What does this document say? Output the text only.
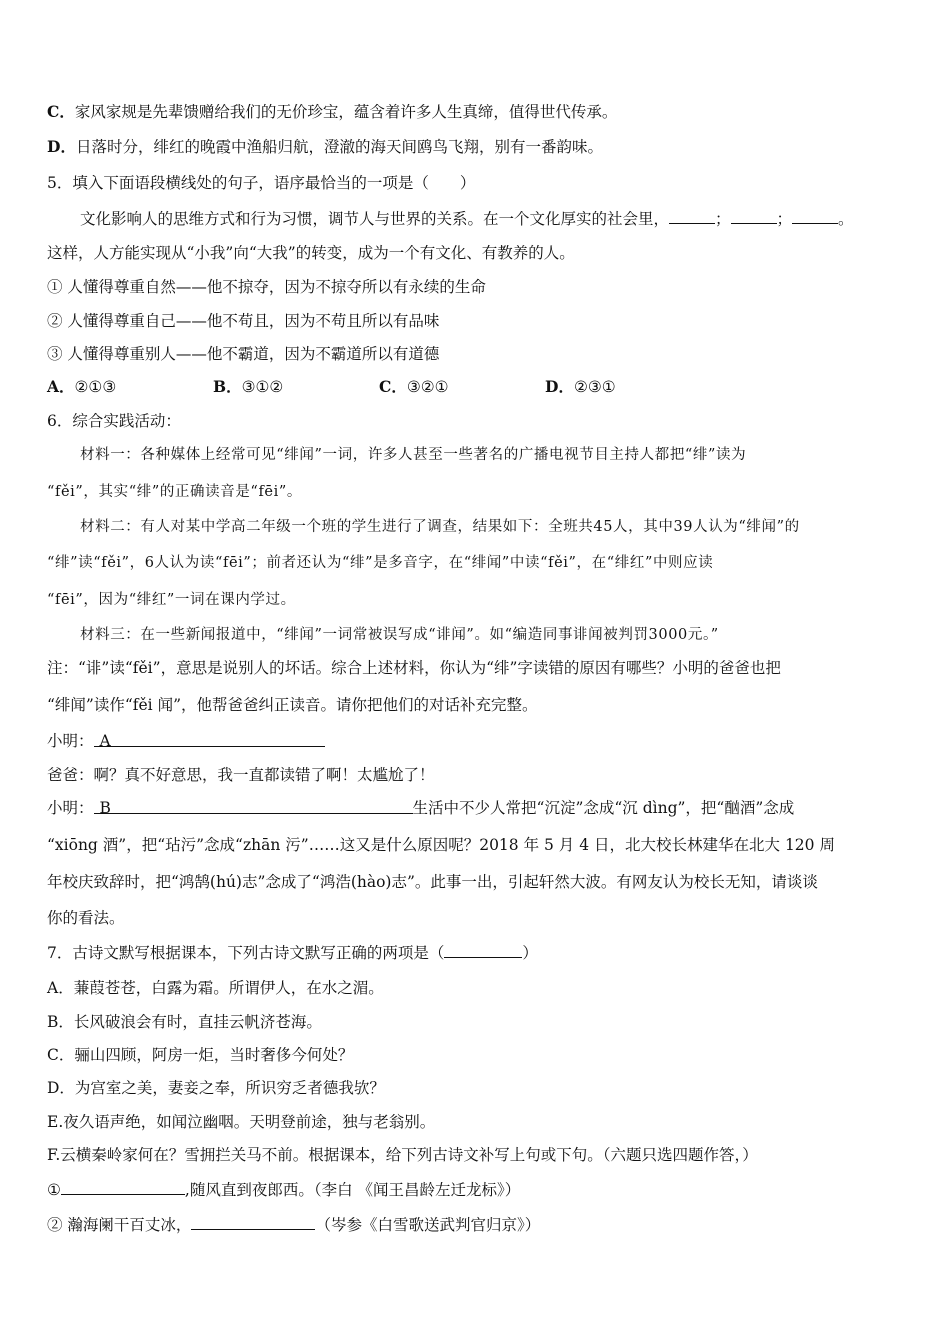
C．家风家规是先辈馈赠给我们的无价珍宝，蕴含着许多人生真缔，值得世代传承。
D．日落时分，绯红的晚霞中渔船归航，澄澈的海天间鸥鸟飞翔，别有一番韵味。
5．填入下面语段横线处的句子，语序最恰当的一项是（　　）
文化影响人的思维方式和行为习惯，调节人与世界的关系。在一个文化厚实的社会里，	；	；	。
这样，人方能实现从“小我”向“大我”的转变，成为一个有文化、有教养的人。
① 人懂得尊重自然——他不掠夺，因为不掠夺所以有永续的生命
② 人懂得尊重自己——他不苟且，因为不苟且所以有品味
③ 人懂得尊重别人——他不霸道，因为不霸道所以有道德
A．②①③	B．③①②	C．③②①	D．②③①
6．综合实践活动：
材料一：各种媒体上经常可见“绯闻”一词，许多人甚至一些著名的广播电视节目主持人都把“绯”读为
“fěi”，其实“绯”的正确读音是“fēi”。
材料二：有人对某中学高二年级一个班的学生进行了调查，结果如下：全班共45人，其中39人认为“绯闻”的
“绯”读“fěi”，6人认为读“fēi”；前者还认为“绯”是多音字，在“绯闻”中读“fěi”，在“绯红”中则应读
“fēi”，因为“绯红”一词在课内学过。
材料三：在一些新闻报道中，“绯闻”一词常被误写成“诽闻”。如“编造同事诽闻被判罚3000元。”
注：“诽”读“fěi”，意思是说别人的坏话。综合上述材料，你认为“绯”字读错的原因有哪些？小明的爸爸也把
“绯闻”读作“fěi 闻”，他帮爸爸纠正读音。请你把他们的对话补充完整。
小明： A
爸爸：啊？真不好意思，我一直都读错了啊！太尴尬了！
小明： B	生活中不少人常把“沉淀”念成“沉 dìng”，把“酗酒”念成
“xiōng 酒”，把“玷污”念成“zhān 污”……这又是什么原因呢？2018 年 5 月 4 日，北大校长林建华在北大 120 周
年校庆致辞时，把“鸿鹄(hú)志”念成了“鸿浩(hào)志”。此事一出，引起轩然大波。有网友认为校长无知，请谈谈
你的看法。
7．古诗文默写根据课本，下列古诗文默写正确的两项是（	）
A．蒹葭苍苍，白露为霜。所谓伊人，在水之湄。
B．长风破浪会有时，直挂云帆济苍海。
C．骊山四顾，阿房一炬，当时奢侈今何处？
D．为宫室之美，妻妾之奉，所识穷乏者德我欤？
E.夜久语声绝，如闻泣幽咽。天明登前途，独与老翁别。
F.云横秦岭家何在？雪拥拦关马不前。根据课本，给下列古诗文补写上句或下句。（六题只选四题作答，）
①	,随风直到夜郎西。（李白 《闻王昌龄左迁龙标》）
② 瀚海阑干百丈冰，	（岑参《白雪歌送武判官归京》）
